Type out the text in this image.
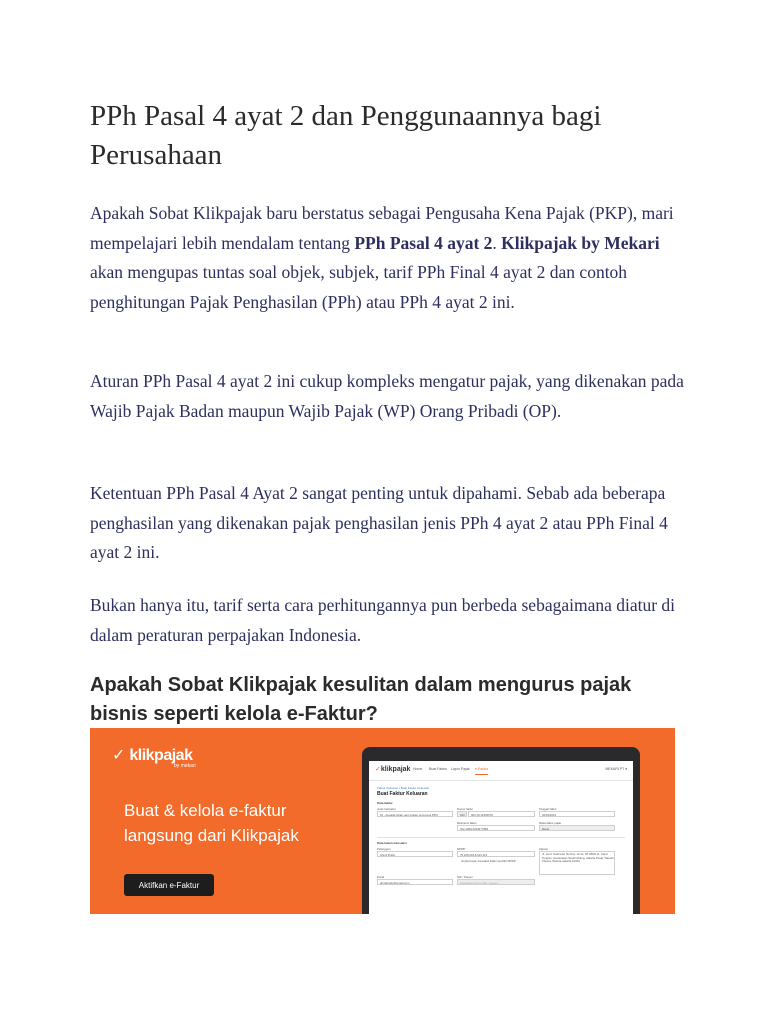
PPh Pasal 4 ayat 2 dan Penggunaannya bagi Perusahaan

Apakah Sobat Klikpajak baru berstatus sebagai Pengusaha Kena Pajak (PKP), mari mempelajari lebih mendalam tentang PPh Pasal 4 ayat 2. Klikpajak by Mekari akan mengupas tuntas soal objek, subjek, tarif PPh Final 4 ayat 2 dan contoh penghitungan Pajak Penghasilan (PPh) atau PPh 4 ayat 2 ini.

Aturan PPh Pasal 4 ayat 2 ini cukup kompleks mengatur pajak, yang dikenakan pada Wajib Pajak Badan maupun Wajib Pajak (WP) Orang Pribadi (OP).

Ketentuan PPh Pasal 4 Ayat 2 sangat penting untuk dipahami. Sebab ada beberapa penghasilan yang dikenakan pajak penghasilan jenis PPh 4 ayat 2 atau PPh Final 4 ayat 2 ini.

Bukan hanya itu, tarif serta cara perhitungannya pun berbeda sebagaimana diatur di dalam peraturan perpajakan Indonesia.

Apakah Sobat Klikpajak kesulitan dalam mengurus pajak bisnis seperti kelola e-Faktur?
✓ klikpajak
by mekari
Buat & kelola e-faktur langsung dari Klikpajak
Aktifkan e-Faktur
✓klikpajak Home Buat Faktur Lapor Pajak e-Faktur	MEKARI PT ▾
Faktur Keluaran / Buat Faktur Keluaran
Buat Faktur Keluaran
Data faktur
Jenis transaksi
01 - Kepada pihak yang bukan pemungut PPN
Nomor faktur
010	000.19.12345678
Tanggal faktur
02/03/2019
Referensi faktur
INV-1065/1234577884
Masa faktur pajak
Maret
Data lawan transaksi
Pelanggan
Ahmil Prabo
NPWP
75.165.003.8-021.115
Isi jika kosan transaksi tidak memiliki NPWP
Alamat
Jl. Jend. Sudirman No.Kav. 10-11, RT.3/RW.11, Karet Tengsin, Kecamatan Tanah Abang, Jakarta Pusat, Daerah Khusus Ibukota Jakarta 10220
Email
ahmilprabo@email.com
NIK / Paspor
Masukkan nomor NIK / paspor
